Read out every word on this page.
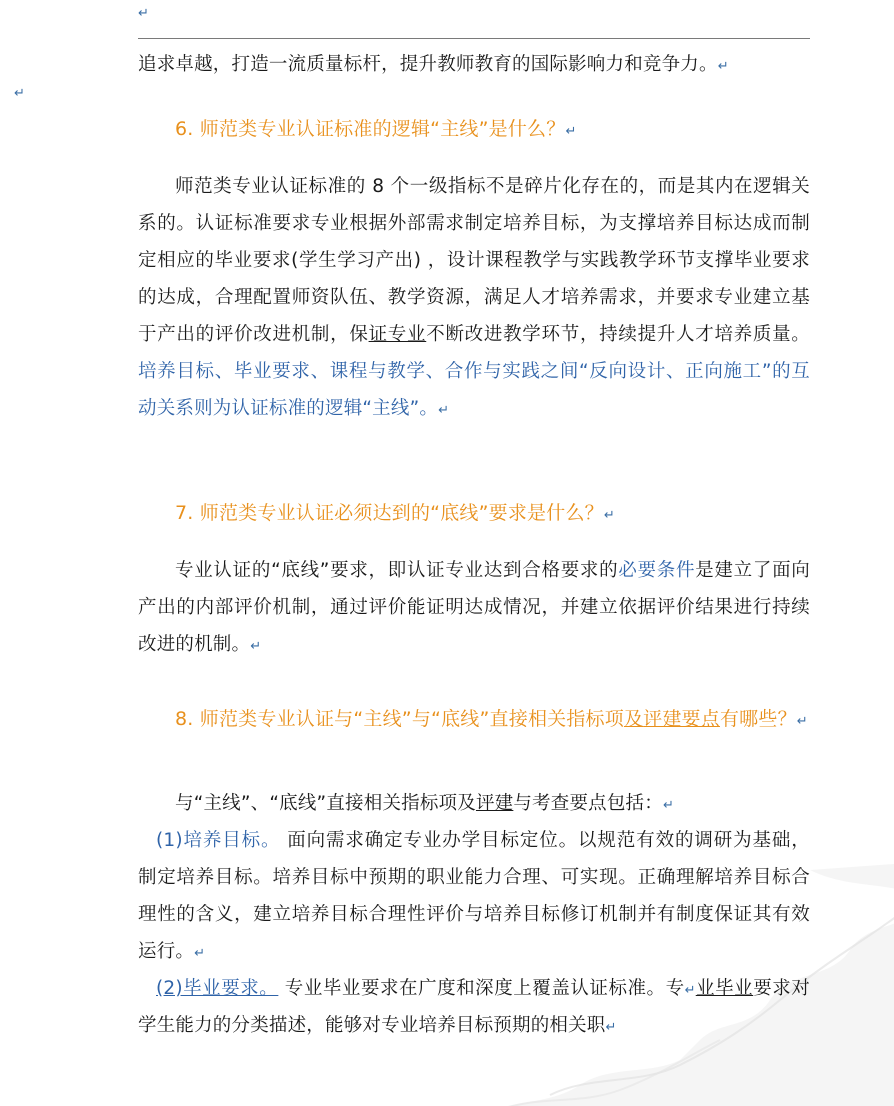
↵
↵

追求卓越，打造一流质量标杆，提升教师教育的国际影响力和竞争力。↵

6. 师范类专业认证标准的逻辑“主线”是什么？↵

师范类专业认证标准的 8 个一级指标不是碎片化存在的，而是其内在逻辑关系的。认证标准要求专业根据外部需求制定培养目标，为支撑培养目标达成而制定相应的毕业要求(学生学习产出) ，设计课程教学与实践教学环节支撑毕业要求的达成，合理配置师资队伍、教学资源，满足人才培养需求，并要求专业建立基于产出的评价改进机制，保证专业不断改进教学环节，持续提升人才培养质量。培养目标、毕业要求、课程与教学、合作与实践之间“反向设计、正向施工”的互动关系则为认证标准的逻辑“主线”。↵

7. 师范类专业认证必须达到的“底线”要求是什么？↵

专业认证的“底线”要求，即认证专业达到合格要求的必要条件是建立了面向产出的内部评价机制，通过评价能证明达成情况，并建立依据评价结果进行持续改进的机制。↵

8. 师范类专业认证与“主线”与“底线”直接相关指标项及评建要点有哪些？↵

与“主线”、“底线”直接相关指标项及评建与考查要点包括：↵

(1)培养目标。 面向需求确定专业办学目标定位。以规范有效的调研为基础， 制定培养目标。培养目标中预期的职业能力合理、可实现。正确理解培养目标合理性的含义，建立培养目标合理性评价与培养目标修订机制并有制度保证其有效运行。↵

(2)毕业要求。 专业毕业要求在广度和深度上覆盖认证标准。专↵业毕业要求对学生能力的分类描述，能够对专业培养目标预期的相关职↵
